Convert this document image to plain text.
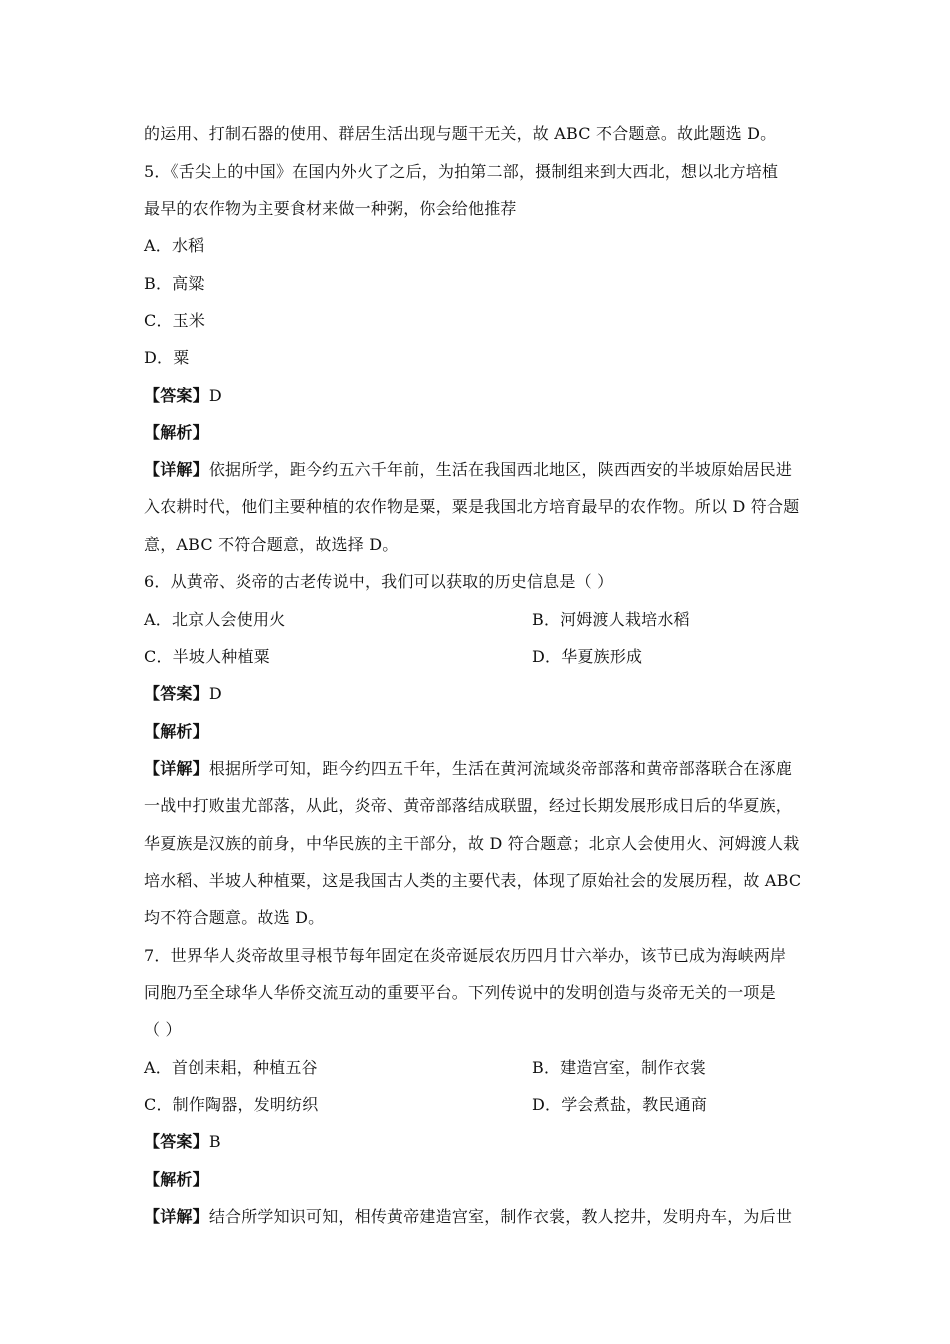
的运用、打制石器的使用、群居生活出现与题干无关，故 ABC 不合题意。故此题选 D。
5．《舌尖上的中国》在国内外火了之后，为拍第二部，摄制组来到大西北，想以北方培植
最早的农作物为主要食材来做一种粥，你会给他推荐
A．水稻
B．高粱
C．玉米
D．粟
【答案】D
【解析】
【详解】依据所学，距今约五六千年前，生活在我国西北地区，陕西西安的半坡原始居民进
入农耕时代，他们主要种植的农作物是粟，粟是我国北方培育最早的农作物。所以 D 符合题
意，ABC 不符合题意，故选择 D。
6．从黄帝、炎帝的古老传说中，我们可以获取的历史信息是（ ）
A．北京人会使用火	B．河姆渡人栽培水稻
C．半坡人种植粟	D．华夏族形成
【答案】D
【解析】
【详解】根据所学可知，距今约四五千年，生活在黄河流域炎帝部落和黄帝部落联合在涿鹿
一战中打败蚩尤部落，从此，炎帝、黄帝部落结成联盟，经过长期发展形成日后的华夏族，
华夏族是汉族的前身，中华民族的主干部分，故 D 符合题意；北京人会使用火、河姆渡人栽
培水稻、半坡人种植粟，这是我国古人类的主要代表，体现了原始社会的发展历程，故 ABC
均不符合题意。故选 D。
7．世界华人炎帝故里寻根节每年固定在炎帝诞辰农历四月廿六举办，该节已成为海峡两岸
同胞乃至全球华人华侨交流互动的重要平台。下列传说中的发明创造与炎帝无关的一项是
（ ）
A．首创耒耜，种植五谷	B．建造宫室，制作衣裳
C．制作陶器，发明纺织	D．学会煮盐，教民通商
【答案】B
【解析】
【详解】结合所学知识可知，相传黄帝建造宫室，制作衣裳，教人挖井，发明舟车，为后世
